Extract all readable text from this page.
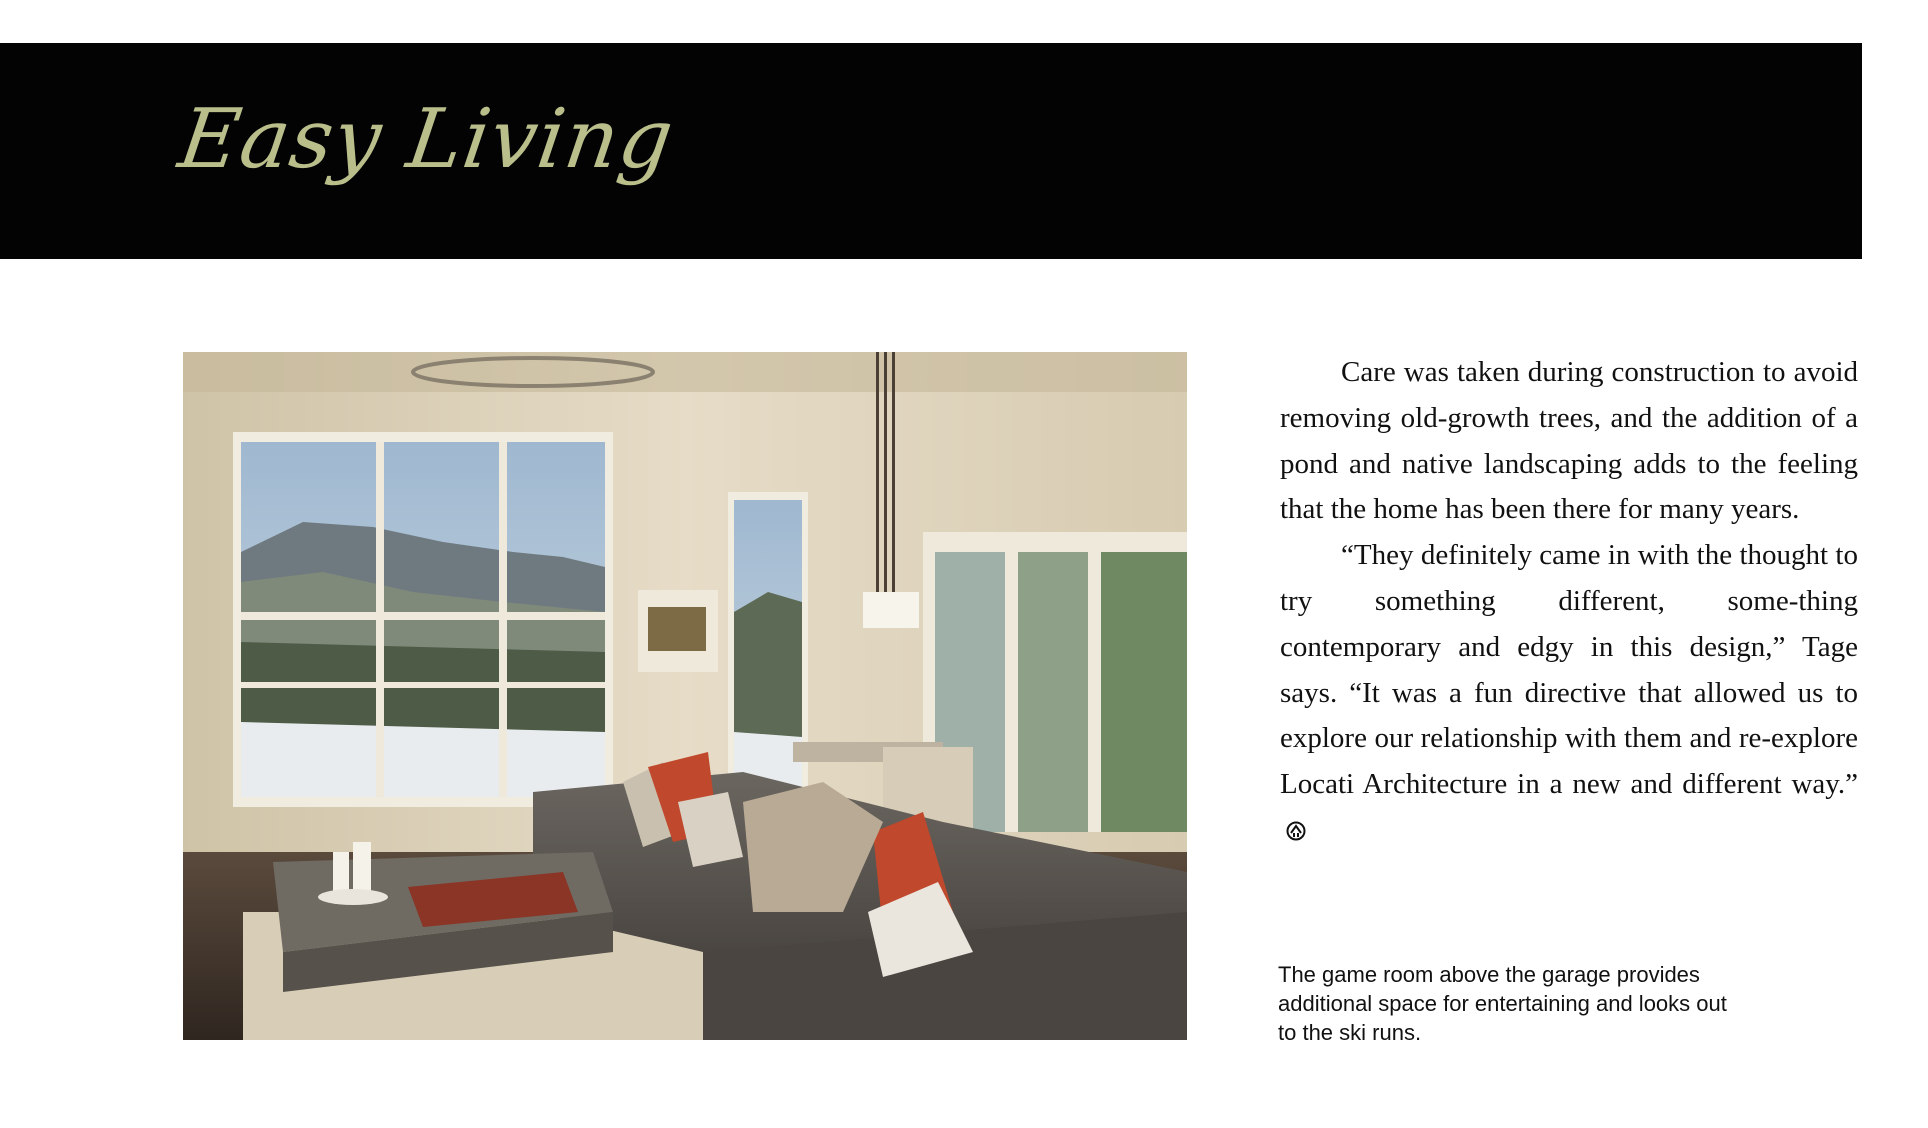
Easy Living

Care was taken during construction to avoid removing old-growth trees, and the addition of a pond and native landscaping adds to the feeling that the home has been there for many years.

“They definitely came in with the thought to try something different, some-thing contemporary and edgy in this design,” Tage says. “It was a fun directive that allowed us to explore our relationship with them and re-explore Locati Architecture in a new and different way.”

The game room above the garage provides
additional space for entertaining and looks out
to the ski runs.
